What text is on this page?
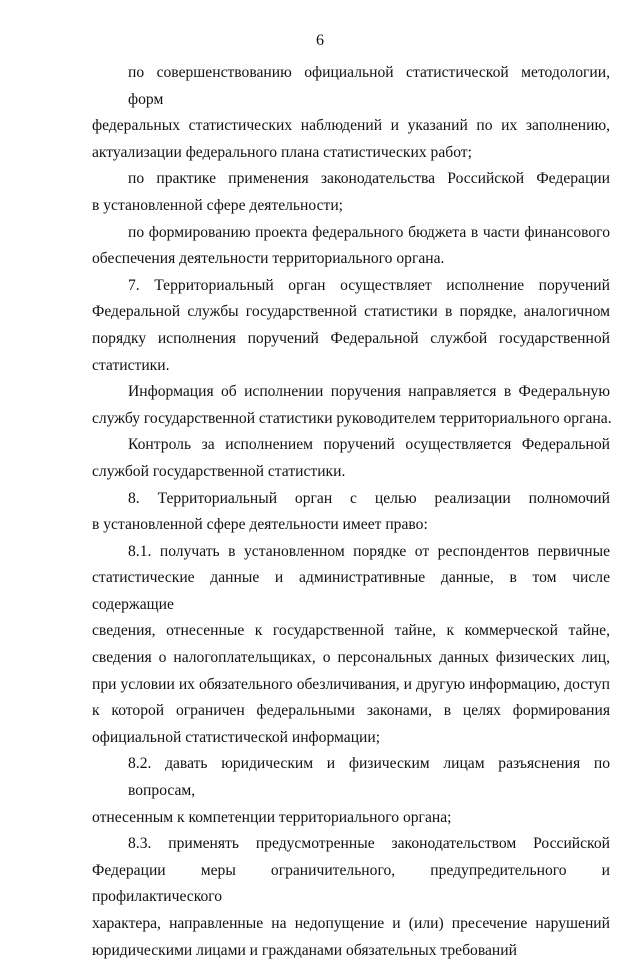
6
по совершенствованию официальной статистической методологии, форм
федеральных статистических наблюдений и указаний по их заполнению,
актуализации федерального плана статистических работ;
по практике применения законодательства Российской Федерации
в установленной сфере деятельности;
по формированию проекта федерального бюджета в части финансового
обеспечения деятельности территориального органа.
7. Территориальный орган осуществляет исполнение поручений
Федеральной службы государственной статистики в порядке, аналогичном
порядку исполнения поручений Федеральной службой государственной
статистики.
Информация об исполнении поручения направляется в Федеральную
службу государственной статистики руководителем территориального органа.
Контроль за исполнением поручений осуществляется Федеральной
службой государственной статистики.
8. Территориальный орган с целью реализации полномочий
в установленной сфере деятельности имеет право:
8.1. получать в установленном порядке от респондентов первичные
статистические данные и административные данные, в том числе содержащие
сведения, отнесенные к государственной тайне, к коммерческой тайне,
сведения о налогоплательщиках, о персональных данных физических лиц,
при условии их обязательного обезличивания, и другую информацию, доступ
к которой ограничен федеральными законами, в целях формирования
официальной статистической информации;
8.2. давать юридическим и физическим лицам разъяснения по вопросам,
отнесенным к компетенции территориального органа;
8.3. применять предусмотренные законодательством Российской
Федерации меры ограничительного, предупредительного и профилактического
характера, направленные на недопущение и (или) пресечение нарушений
юридическими лицами и гражданами обязательных требований
